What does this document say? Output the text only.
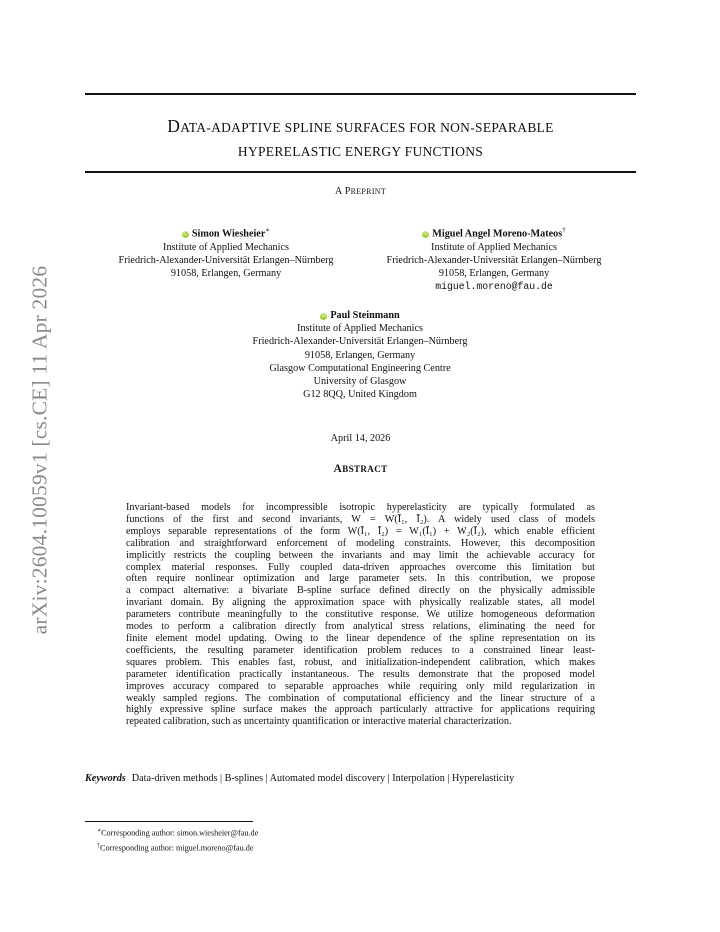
arXiv:2604.10059v1 [cs.CE] 11 Apr 2026
DATA-ADAPTIVE SPLINE SURFACES FOR NON-SEPARABLE
HYPERELASTIC ENERGY FUNCTIONS
A PREPRINT
iD Simon Wiesheier∗
Institute of Applied Mechanics
Friedrich-Alexander-Universität Erlangen–Nürnberg
91058, Erlangen, Germany
iD Miguel Angel Moreno-Mateos†
Institute of Applied Mechanics
Friedrich-Alexander-Universität Erlangen–Nürnberg
91058, Erlangen, Germany
miguel.moreno@fau.de
iD Paul Steinmann
Institute of Applied Mechanics
Friedrich-Alexander-Universität Erlangen–Nürnberg
91058, Erlangen, Germany
Glasgow Computational Engineering Centre
University of Glasgow
G12 8QQ, United Kingdom
April 14, 2026
ABSTRACT
Invariant-based models for incompressible isotropic hyperelasticity are typically formulated as
functions of the first and second invariants, W = W(Ī₁, Ī₂). A widely used class of models
employs separable representations of the form W(Ī₁, Ī₂) = W₁(Ī₁) + W₂(Ī₂), which enable efficient
calibration and straightforward enforcement of modeling constraints. However, this decomposition
implicitly restricts the coupling between the invariants and may limit the achievable accuracy for
complex material responses. Fully coupled data-driven approaches overcome this limitation but
often require nonlinear optimization and large parameter sets. In this contribution, we propose
a compact alternative: a bivariate B-spline surface defined directly on the physically admissible
invariant domain. By aligning the approximation space with physically realizable states, all model
parameters contribute meaningfully to the constitutive response. We utilize homogeneous deformation
modes to perform a calibration directly from analytical stress relations, eliminating the need for
finite element model updating. Owing to the linear dependence of the spline representation on its
coefficients, the resulting parameter identification problem reduces to a constrained linear least-
squares problem. This enables fast, robust, and initialization-independent calibration, which makes
parameter identification practically instantaneous. The results demonstrate that the proposed model
improves accuracy compared to separable approaches while requiring only mild regularization in
weakly sampled regions. The combination of computational efficiency and the linear structure of a
highly expressive spline surface makes the approach particularly attractive for applications requiring
repeated calibration, such as uncertainty quantification or interactive material characterization.
Keywords Data-driven methods | B-splines | Automated model discovery | Interpolation | Hyperelasticity
∗Corresponding author: simon.wiesheier@fau.de
†Corresponding author: miguel.moreno@fau.de
